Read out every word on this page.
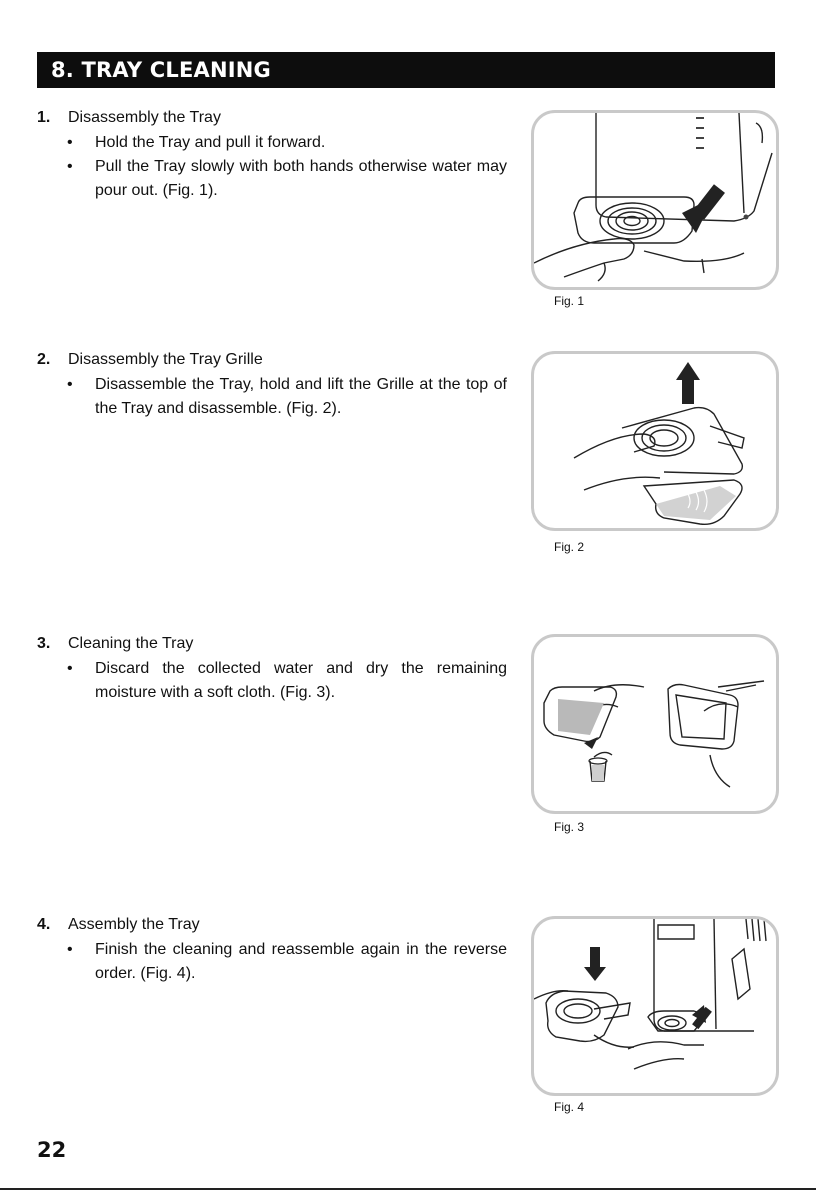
8. TRAY CLEANING
1. Disassembly the Tray
• Hold the Tray and pull it forward.
• Pull the Tray slowly with both hands otherwise water may pour out. (Fig. 1).
Fig. 1
2. Disassembly the Tray Grille
• Disassemble the Tray, hold and lift the Grille at the top of the Tray and disassemble. (Fig. 2).
Fig. 2
3. Cleaning the Tray
• Discard the collected water and dry the remaining moisture with a soft cloth. (Fig. 3).
Fig. 3
4. Assembly the Tray
• Finish the cleaning and reassemble again in the reverse order. (Fig. 4).
Fig. 4
22
